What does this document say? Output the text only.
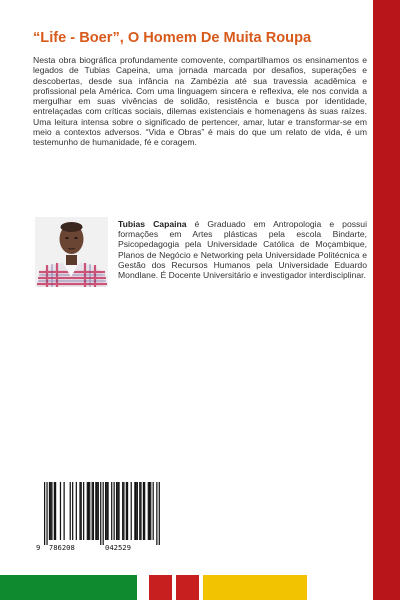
“Life - Boer”, O Homem De Muita Roupa
Nesta obra biográfica profundamente comovente, compartilhamos os ensinamentos e legados de Tubias Capeina, uma jornada marcada por desafios, superações e descobertas, desde sua infância na Zambézia até sua travessia acadêmica e profissional pela América. Com uma linguagem sincera e reflexiva, ele nos convida a mergulhar em suas vivências de solidão, resistência e busca por identidade, entrelaçadas com críticas sociais, dilemas existenciais e homenagens às suas raízes. Uma leitura intensa sobre o significado de pertencer, amar, lutar e transformar-se em meio a contextos adversos. “Vida e Obras” é mais do que um relato de vida, é um testemunho de humanidade, fé e coragem.
Tubias Capaina é Graduado em Antropologia e possui formações em Artes plásticas pela escola Bindarte, Psicopedagogia pela Universidade Católica de Moçambique, Planos de Negócio e Networking pela Universidade Politécnica e Gestão dos Recursos Humanos pela Universidade Eduardo Mondlane. É Docente Universitário e investigador interdisciplinar.
9 786208	042529
